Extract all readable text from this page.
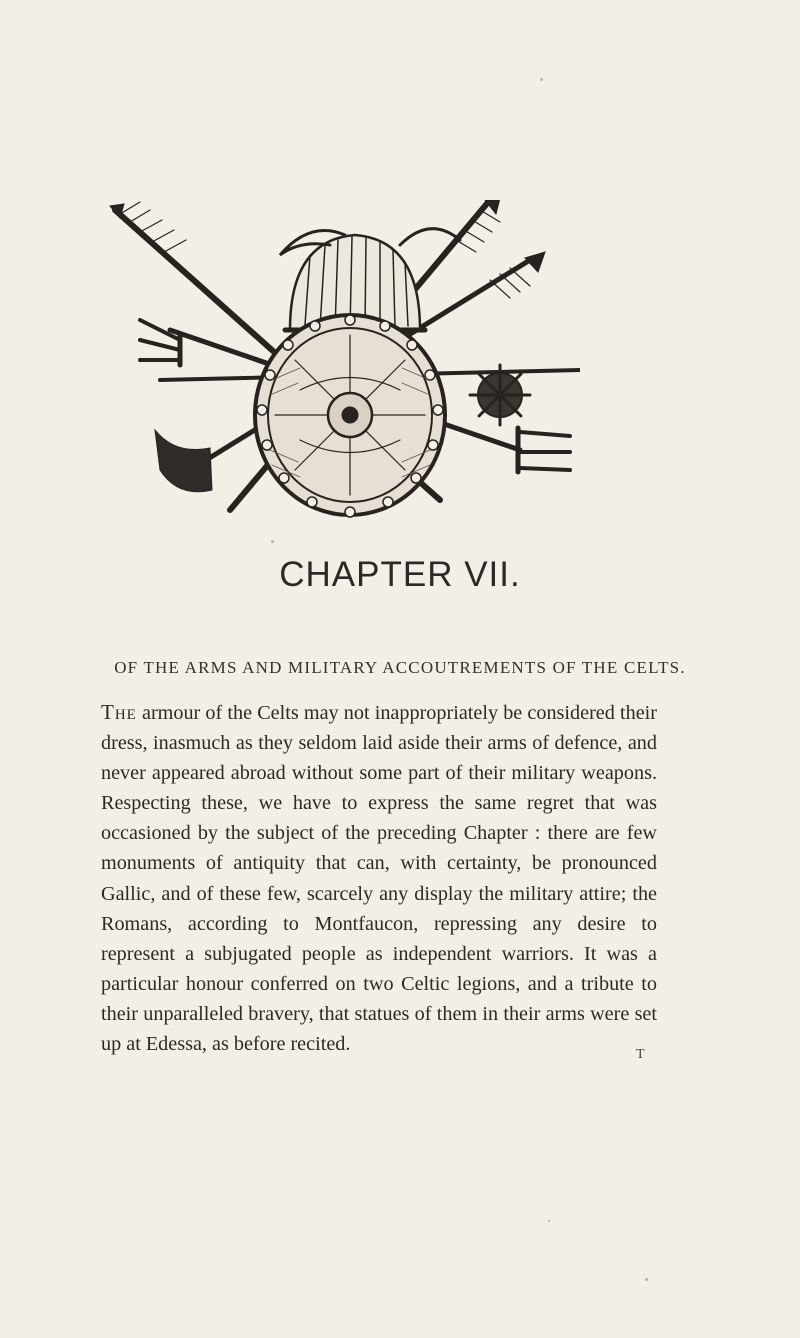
CHAPTER VII.
OF THE ARMS AND MILITARY ACCOUTREMENTS OF THE CELTS.
The armour of the Celts may not inappropriately be considered their dress, inasmuch as they seldom laid aside their arms of defence, and never appeared abroad without some part of their military weapons. Respecting these, we have to express the same regret that was occasioned by the subject of the preceding Chapter : there are few monuments of antiquity that can, with certainty, be pronounced Gallic, and of these few, scarcely any display the military attire; the Romans, according to Montfaucon, repressing any desire to represent a subjugated people as independent warriors. It was a particular honour conferred on two Celtic legions, and a tribute to their unparalleled bravery, that statues of them in their arms were set up at Edessa, as before recited.	T
